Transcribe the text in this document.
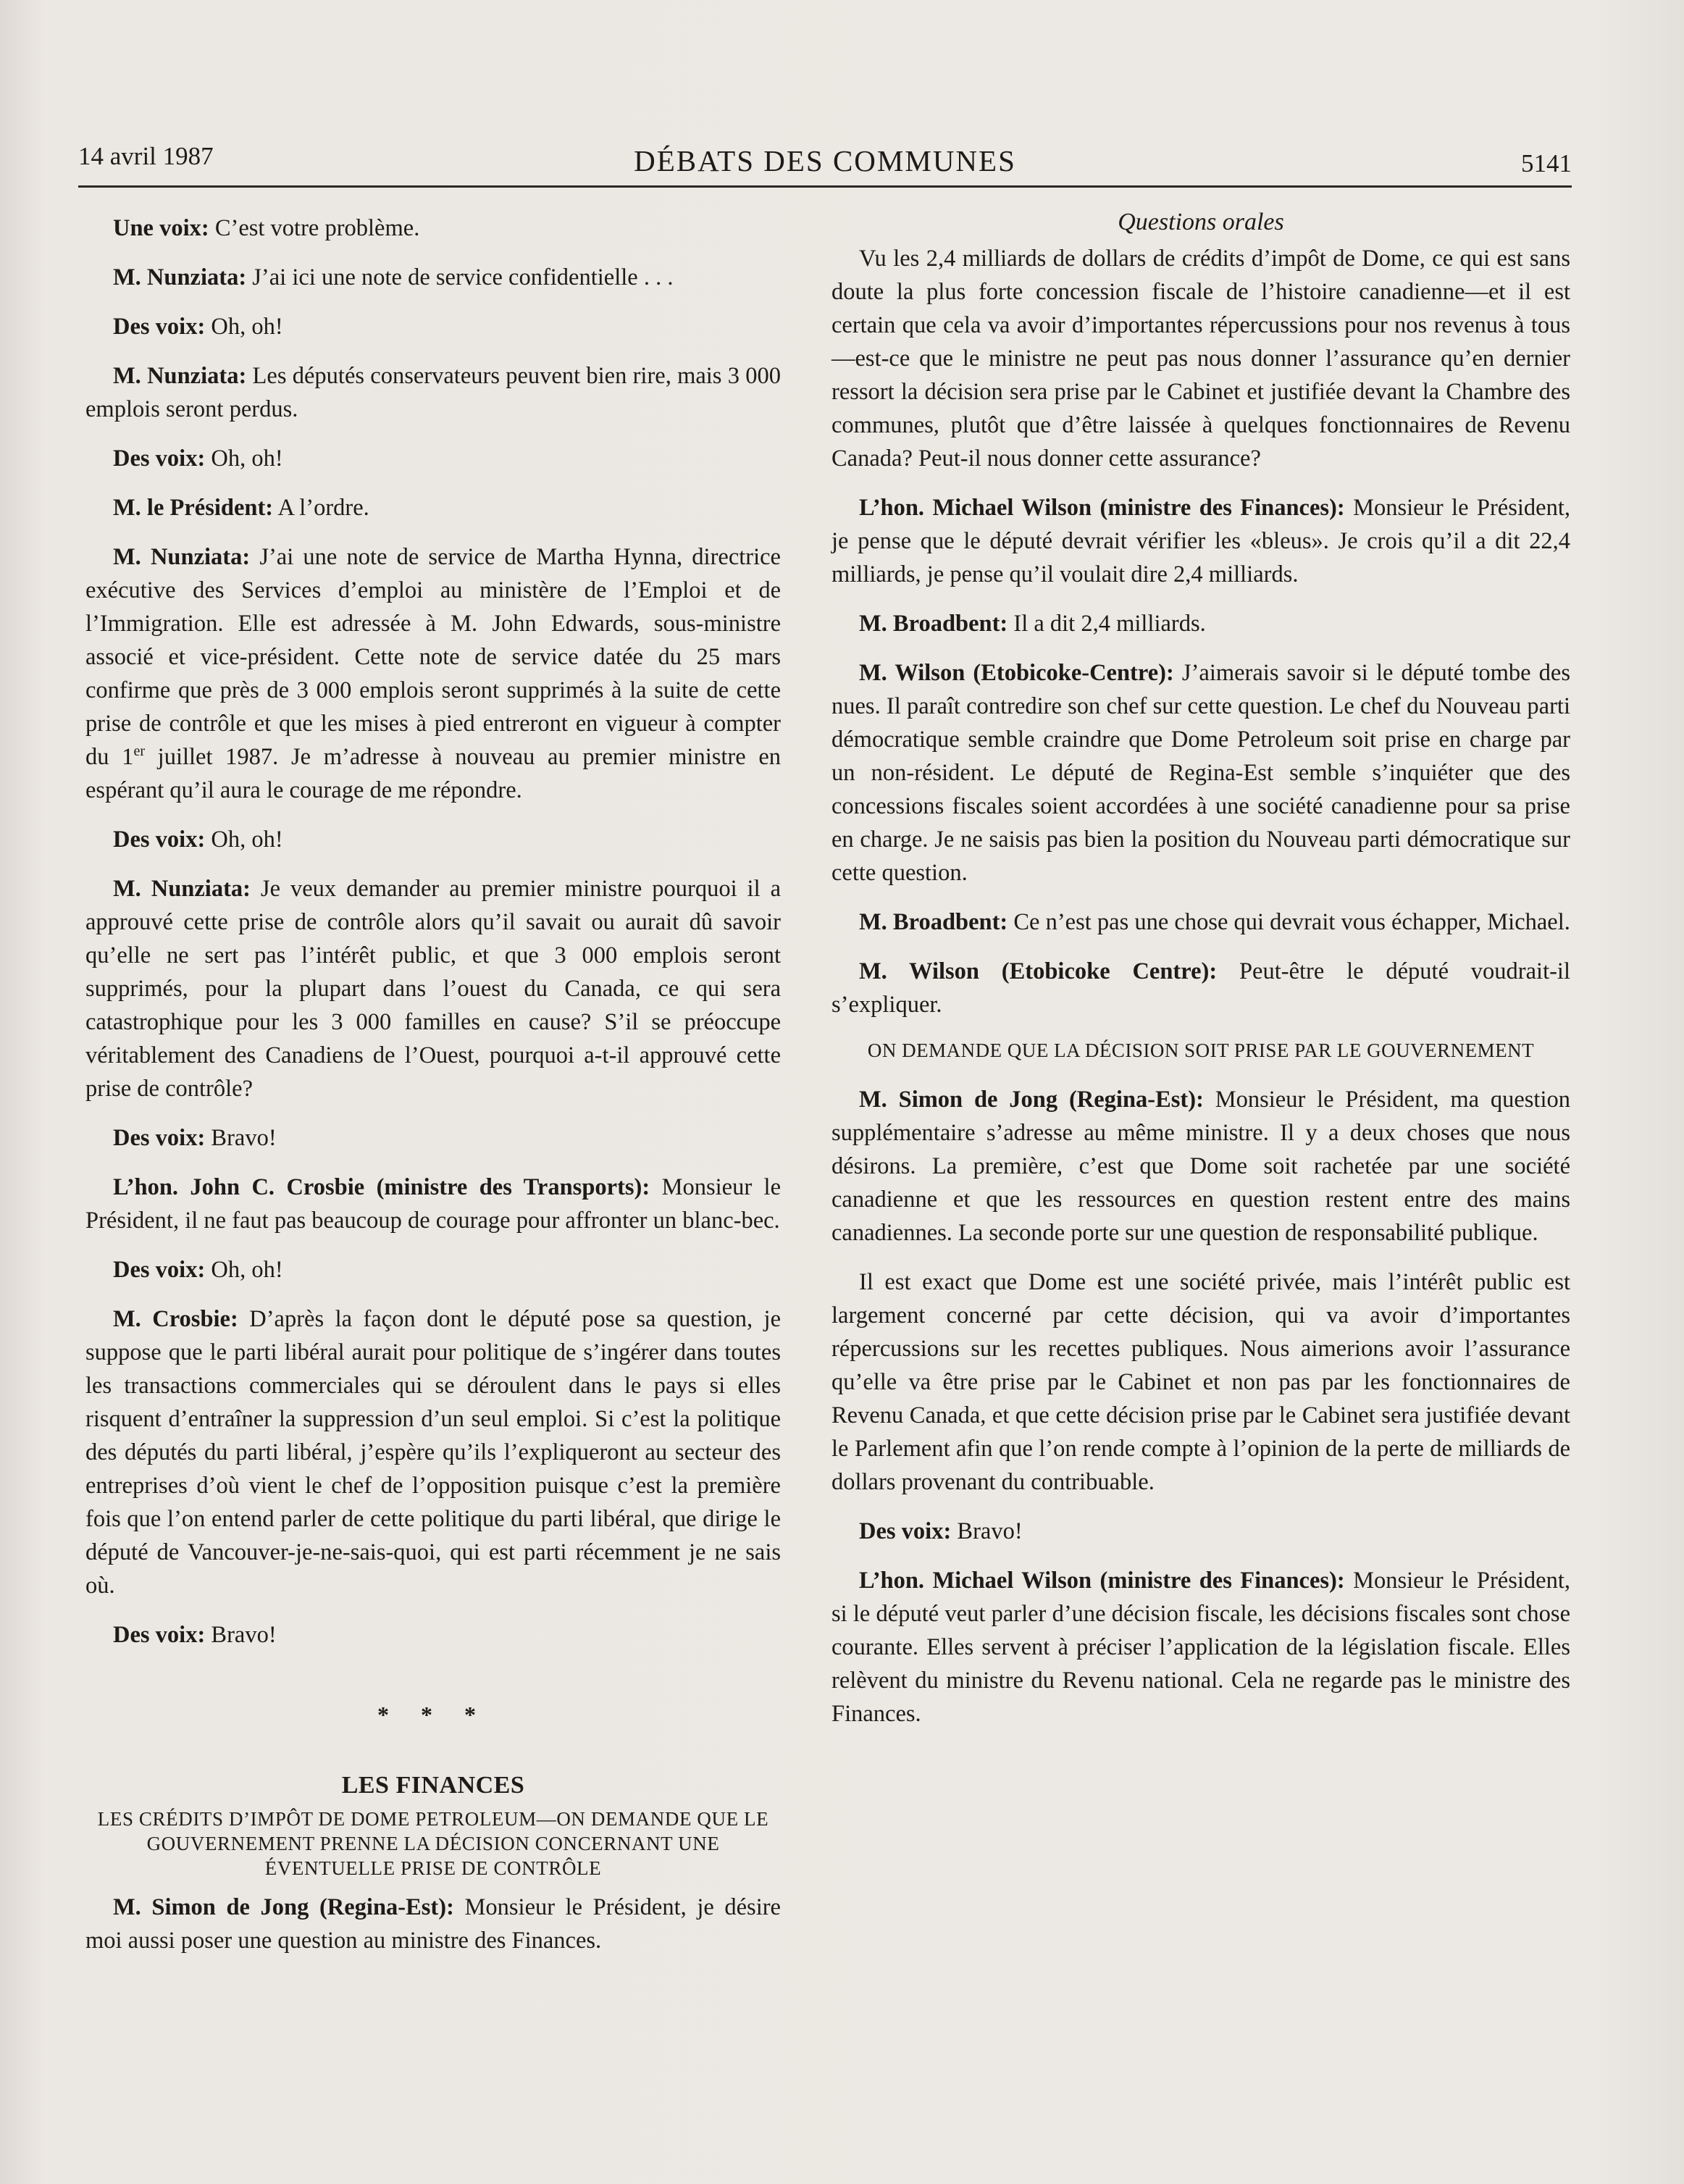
14 avril 1987	DÉBATS DES COMMUNES	5141

Une voix: C’est votre problème.

M. Nunziata: J’ai ici une note de service confidentielle . . .

Des voix: Oh, oh!

M. Nunziata: Les députés conservateurs peuvent bien rire, mais 3 000 emplois seront perdus.

Des voix: Oh, oh!

M. le Président: A l’ordre.

M. Nunziata: J’ai une note de service de Martha Hynna, directrice exécutive des Services d’emploi au ministère de l’Emploi et de l’Immigration. Elle est adressée à M. John Edwards, sous-ministre associé et vice-président. Cette note de service datée du 25 mars confirme que près de 3 000 emplois seront supprimés à la suite de cette prise de contrôle et que les mises à pied entreront en vigueur à compter du 1er juillet 1987. Je m’adresse à nouveau au premier ministre en espérant qu’il aura le courage de me répondre.

Des voix: Oh, oh!

M. Nunziata: Je veux demander au premier ministre pourquoi il a approuvé cette prise de contrôle alors qu’il savait ou aurait dû savoir qu’elle ne sert pas l’intérêt public, et que 3 000 emplois seront supprimés, pour la plupart dans l’ouest du Canada, ce qui sera catastrophique pour les 3 000 familles en cause? S’il se préoccupe véritablement des Canadiens de l’Ouest, pourquoi a-t-il approuvé cette prise de contrôle?

Des voix: Bravo!

L’hon. John C. Crosbie (ministre des Transports): Monsieur le Président, il ne faut pas beaucoup de courage pour affronter un blanc-bec.

Des voix: Oh, oh!

M. Crosbie: D’après la façon dont le député pose sa question, je suppose que le parti libéral aurait pour politique de s’ingérer dans toutes les transactions commerciales qui se déroulent dans le pays si elles risquent d’entraîner la suppression d’un seul emploi. Si c’est la politique des députés du parti libéral, j’espère qu’ils l’expliqueront au secteur des entreprises d’où vient le chef de l’opposition puisque c’est la première fois que l’on entend parler de cette politique du parti libéral, que dirige le député de Vancouver-je-ne-sais-quoi, qui est parti récemment je ne sais où.

Des voix: Bravo!

* * *
LES FINANCES
LES CRÉDITS D’IMPÔT DE DOME PETROLEUM—ON DEMANDE QUE LE GOUVERNEMENT PRENNE LA DÉCISION CONCERNANT UNE ÉVENTUELLE PRISE DE CONTRÔLE

M. Simon de Jong (Regina-Est): Monsieur le Président, je désire moi aussi poser une question au ministre des Finances.

Questions orales

Vu les 2,4 milliards de dollars de crédits d’impôt de Dome, ce qui est sans doute la plus forte concession fiscale de l’histoire canadienne—et il est certain que cela va avoir d’importantes répercussions pour nos revenus à tous—est-ce que le ministre ne peut pas nous donner l’assurance qu’en dernier ressort la décision sera prise par le Cabinet et justifiée devant la Chambre des communes, plutôt que d’être laissée à quelques fonctionnaires de Revenu Canada? Peut-il nous donner cette assurance?

L’hon. Michael Wilson (ministre des Finances): Monsieur le Président, je pense que le député devrait vérifier les «bleus». Je crois qu’il a dit 22,4 milliards, je pense qu’il voulait dire 2,4 milliards.

M. Broadbent: Il a dit 2,4 milliards.

M. Wilson (Etobicoke-Centre): J’aimerais savoir si le député tombe des nues. Il paraît contredire son chef sur cette question. Le chef du Nouveau parti démocratique semble craindre que Dome Petroleum soit prise en charge par un non-résident. Le député de Regina-Est semble s’inquiéter que des concessions fiscales soient accordées à une société canadienne pour sa prise en charge. Je ne saisis pas bien la position du Nouveau parti démocratique sur cette question.

M. Broadbent: Ce n’est pas une chose qui devrait vous échapper, Michael.

M. Wilson (Etobicoke Centre): Peut-être le député voudrait-il s’expliquer.

ON DEMANDE QUE LA DÉCISION SOIT PRISE PAR LE GOUVERNEMENT

M. Simon de Jong (Regina-Est): Monsieur le Président, ma question supplémentaire s’adresse au même ministre. Il y a deux choses que nous désirons. La première, c’est que Dome soit rachetée par une société canadienne et que les ressources en question restent entre des mains canadiennes. La seconde porte sur une question de responsabilité publique.

Il est exact que Dome est une société privée, mais l’intérêt public est largement concerné par cette décision, qui va avoir d’importantes répercussions sur les recettes publiques. Nous aimerions avoir l’assurance qu’elle va être prise par le Cabinet et non pas par les fonctionnaires de Revenu Canada, et que cette décision prise par le Cabinet sera justifiée devant le Parlement afin que l’on rende compte à l’opinion de la perte de milliards de dollars provenant du contribuable.

Des voix: Bravo!

L’hon. Michael Wilson (ministre des Finances): Monsieur le Président, si le député veut parler d’une décision fiscale, les décisions fiscales sont chose courante. Elles servent à préciser l’application de la législation fiscale. Elles relèvent du ministre du Revenu national. Cela ne regarde pas le ministre des Finances.
